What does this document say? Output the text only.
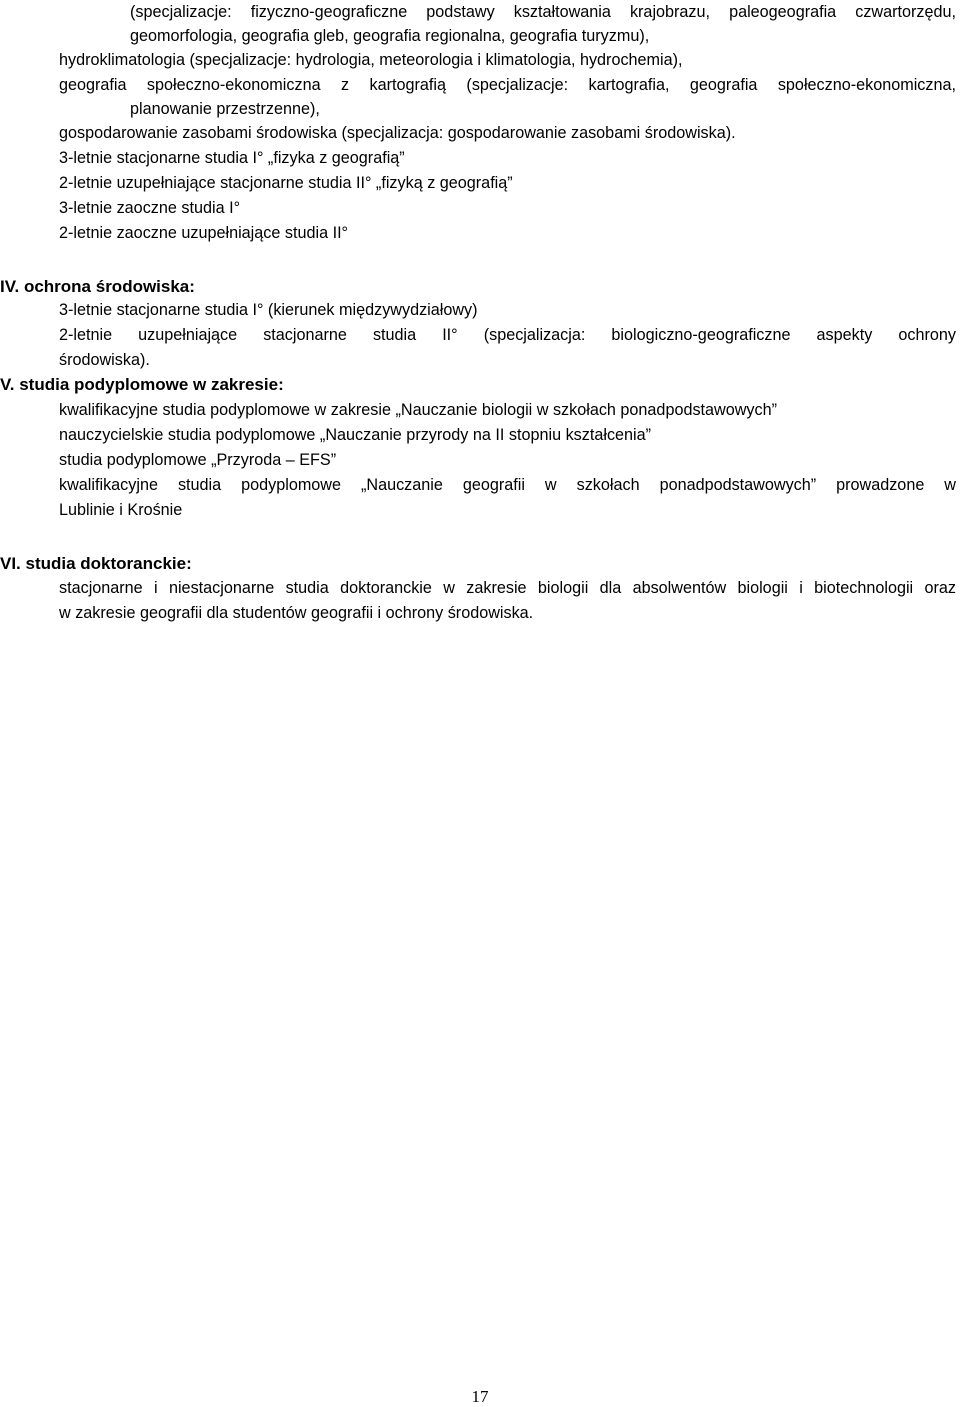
(specjalizacje: fizyczno-geograficzne podstawy kształtowania krajobrazu, paleogeografia czwartorzędu,
geomorfologia, geografia gleb, geografia regionalna, geografia turyzmu),
hydroklimatologia (specjalizacje: hydrologia, meteorologia i klimatologia, hydrochemia),
geografia społeczno-ekonomiczna z kartografią (specjalizacje: kartografia, geografia społeczno-ekonomiczna,
planowanie przestrzenne),
gospodarowanie zasobami środowiska (specjalizacja: gospodarowanie zasobami środowiska).
3-letnie stacjonarne studia I° „fizyka z geografią”
2-letnie uzupełniające stacjonarne studia II° „fizyką z geografią”
3-letnie zaoczne studia I°
2-letnie zaoczne uzupełniające studia II°
IV. ochrona środowiska:
3-letnie stacjonarne studia I° (kierunek międzywydziałowy)
2-letnie uzupełniające stacjonarne studia II° (specjalizacja: biologiczno-geograficzne aspekty ochrony
środowiska).
V. studia podyplomowe w zakresie:
kwalifikacyjne studia podyplomowe w zakresie „Nauczanie biologii w szkołach ponadpodstawowych”
nauczycielskie studia podyplomowe „Nauczanie przyrody na II stopniu kształcenia”
studia podyplomowe „Przyroda – EFS”
kwalifikacyjne studia podyplomowe „Nauczanie geografii w szkołach ponadpodstawowych” prowadzone w
Lublinie i Krośnie
VI. studia doktoranckie:
stacjonarne i niestacjonarne studia doktoranckie w zakresie biologii dla absolwentów biologii i biotechnologii oraz
w zakresie geografii dla studentów geografii i ochrony środowiska.
17
